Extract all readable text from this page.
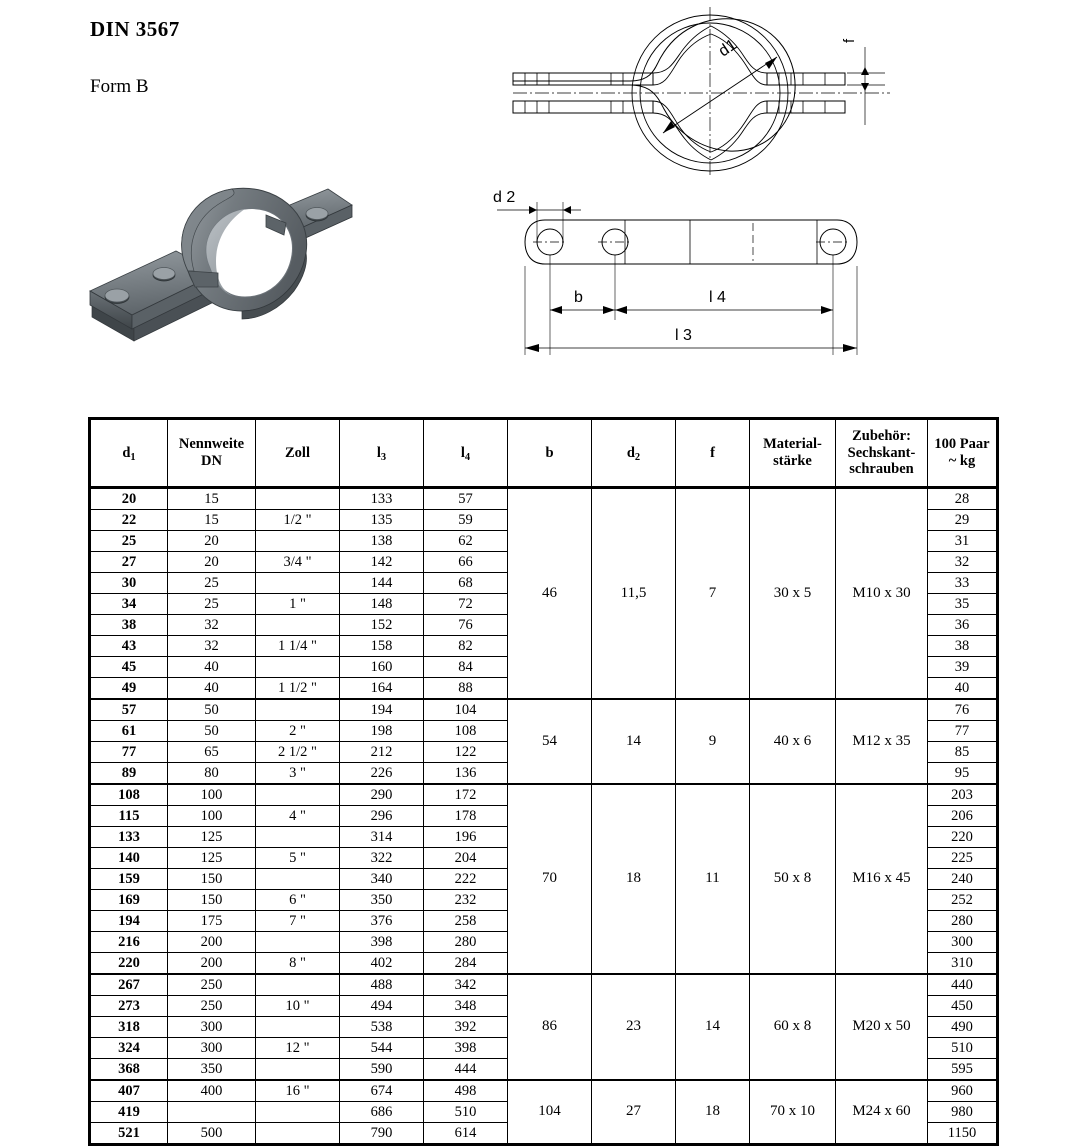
DIN 3567
Form B
d1	f
d 2
b	l 4
l 3
$d_1$	Nennweite
DN	Zoll	$l_3$	$l_4$	b	$d_2$	f	Material-
stärke	Zubehör:
Sechskant-
schrauben	100 Paar
~ kg

20	15		133	57	46	11,5	7	30 x 5	M10 x 30	28
22	15	1/2 "	135	59						29
25	20		138	62						31
27	20	3/4 "	142	66						32
30	25		144	68						33
34	25	1 "	148	72						35
38	32		152	76						36
43	32	1 1/4 "	158	82						38
45	40		160	84						39
49	40	1 1/2 "	164	88						40
57	50		194	104	54	14	9	40 x 6	M12 x 35	76
61	50	2 "	198	108						77
77	65	2 1/2 "	212	122						85
89	80	3 "	226	136						95
108	100		290	172	70	18	11	50 x 8	M16 x 45	203
115	100	4 "	296	178						206
133	125		314	196						220
140	125	5 "	322	204						225
159	150		340	222						240
169	150	6 "	350	232						252
194	175	7 "	376	258						280
216	200		398	280						300
220	200	8 "	402	284						310
267	250		488	342	86	23	14	60 x 8	M20 x 50	440
273	250	10 "	494	348						450
318	300		538	392						490
324	300	12 "	544	398						510
368	350		590	444						595
407	400	16 "	674	498	104	27	18	70 x 10	M24 x 60	960
419			686	510						980
521	500		790	614						1150
